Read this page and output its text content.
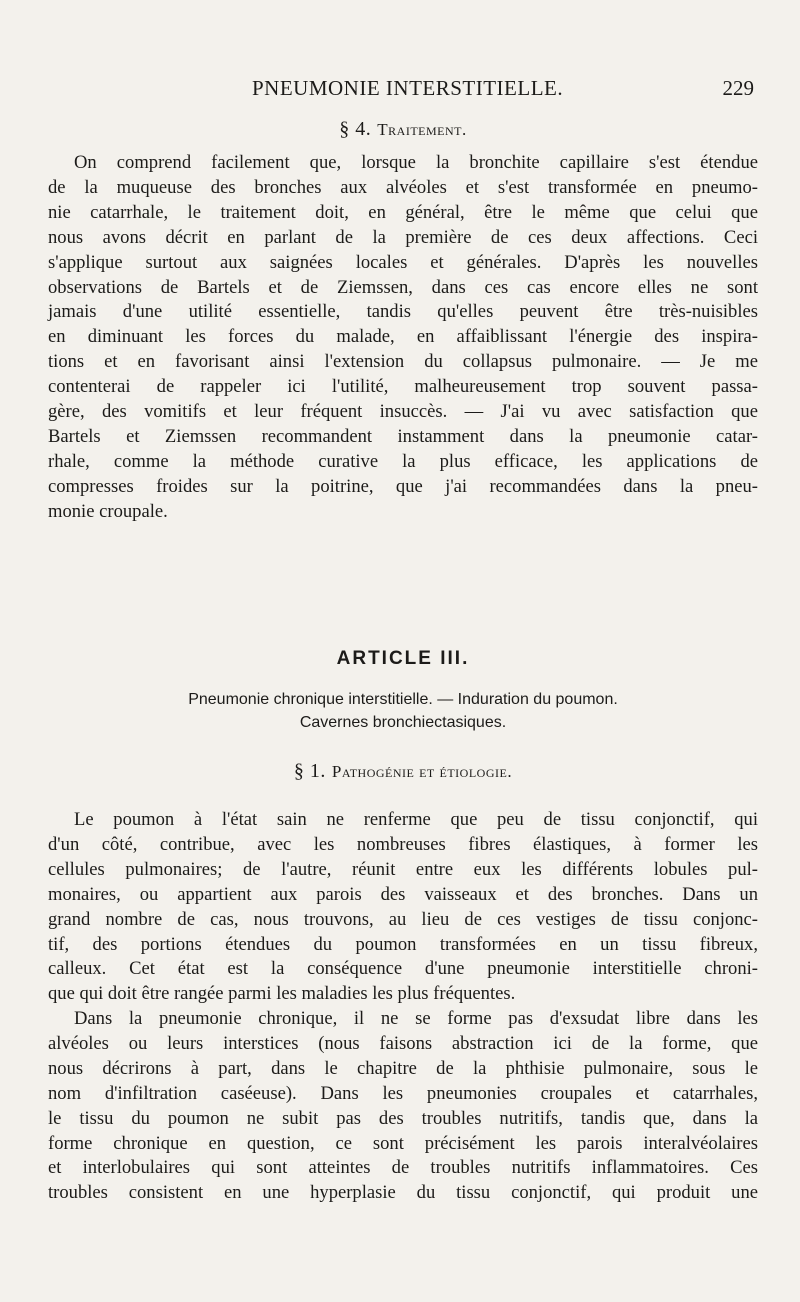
PNEUMONIE INTERSTITIELLE.	229
§ 4. Traitement.
On comprend facilement que, lorsque la bronchite capillaire s'est étendue
de la muqueuse des bronches aux alvéoles et s'est transformée en pneumo-
nie catarrhale, le traitement doit, en général, être le même que celui que
nous avons décrit en parlant de la première de ces deux affections. Ceci
s'applique surtout aux saignées locales et générales. D'après les nouvelles
observations de Bartels et de Ziemssen, dans ces cas encore elles ne sont
jamais d'une utilité essentielle, tandis qu'elles peuvent être très-nuisibles
en diminuant les forces du malade, en affaiblissant l'énergie des inspira-
tions et en favorisant ainsi l'extension du collapsus pulmonaire. — Je me
contenterai de rappeler ici l'utilité, malheureusement trop souvent passa-
gère, des vomitifs et leur fréquent insuccès. — J'ai vu avec satisfaction que
Bartels et Ziemssen recommandent instamment dans la pneumonie catar-
rhale, comme la méthode curative la plus efficace, les applications de
compresses froides sur la poitrine, que j'ai recommandées dans la pneu-
monie croupale.
ARTICLE III.
Pneumonie chronique interstitielle. — Induration du poumon.
Cavernes bronchiectasiques.
§ 1. Pathogénie et étiologie.
Le poumon à l'état sain ne renferme que peu de tissu conjonctif, qui
d'un côté, contribue, avec les nombreuses fibres élastiques, à former les
cellules pulmonaires; de l'autre, réunit entre eux les différents lobules pul-
monaires, ou appartient aux parois des vaisseaux et des bronches. Dans un
grand nombre de cas, nous trouvons, au lieu de ces vestiges de tissu conjonc-
tif, des portions étendues du poumon transformées en un tissu fibreux,
calleux. Cet état est la conséquence d'une pneumonie interstitielle chroni-
que qui doit être rangée parmi les maladies les plus fréquentes.
Dans la pneumonie chronique, il ne se forme pas d'exsudat libre dans les
alvéoles ou leurs interstices (nous faisons abstraction ici de la forme, que
nous décrirons à part, dans le chapitre de la phthisie pulmonaire, sous le
nom d'infiltration caséeuse). Dans les pneumonies croupales et catarrhales,
le tissu du poumon ne subit pas des troubles nutritifs, tandis que, dans la
forme chronique en question, ce sont précisément les parois interalvéolaires
et interlobulaires qui sont atteintes de troubles nutritifs inflammatoires. Ces
troubles consistent en une hyperplasie du tissu conjonctif, qui produit une
